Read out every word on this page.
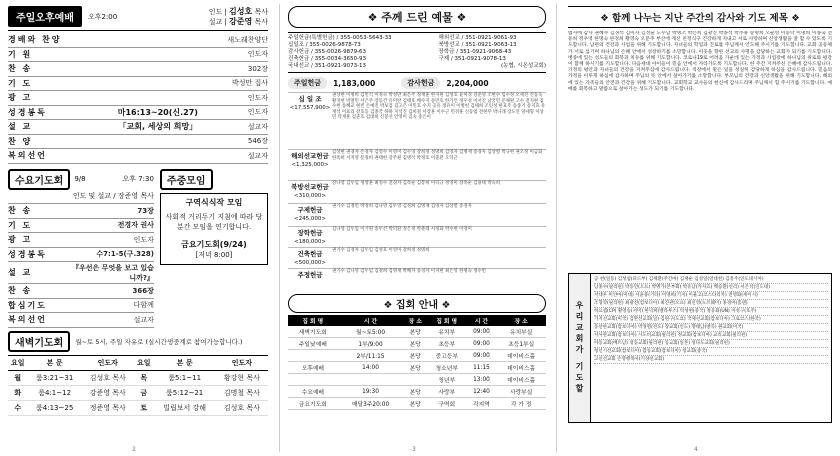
주일오후예배	오후2:00
인도 | 김성호 목사
설교 | 강준영 목사
경배와 찬양	새노래찬양단
기 원	인도자
찬 송	302장
기 도	박성만 집사
광 고	인도자
성경봉독	마16:13~20(신.27)	인도자
설 교	「교회, 세상의 희망」	설교자
찬 양	546장
복의선언	설교자
수요기도회	9/8	오후 7:30
인도 및 설교 / 장준영 목사
찬 송	73장
기 도	전경자 권사
광 고	인도자
성경봉독	수7:1-5(구.328)
설 교
『우선은 무엇을 보고 있습니까?』
찬 송	366장
합심기도	다함께
복의선언	설교자
주중모임
구역식식작 모임
사회적 거리두기 지침에 따라 당분간 모임을 연기합니다.
금요기도회(9/24)
[저녁 8:00]
새벽기도회	월~토 5시, 주일 자유로 (실시간생중계로 참여가능합니다.)
요일	본 문	인도자	요일	본 문	인도자
월	룸3:21~31	김성호 목사	목	룸5:1~11	황강현 목사
화	룸4:1~12	강준영 목사	금	룸5:12~21	김명철 목사
수	룸4:13~25	정준영 목사	토	빌립보서 강해	김성호 목사
2
❖ 주께 드린 예물 ❖
주일헌금(특별헌금) / 355-0053-5643-33
십일조 / 355-0026-9878-73
감사헌금 / 355-0026-9879-63
건축헌금 / 355-0034-3650-93
국내선교 / 351-0921-9073-13
해외선교 / 351-0921-9061-93
북방선교 / 351-0921-9063-13
장학금 / 351-0921-9068-43
구제 / 351-0921-9078-13
(농협, 시온성교회)
주일헌금	1,183,000	감사헌금	2,204,000
십 일 조
<17,557,900>
권상현 이명희 김민석 이정숙 박성만 최은주 정재훈 한지원 김성호 윤미경 강준영 조현수 임수정 오세진 신동욱 황지현 박철민 서은주 장동건 유미란 김태호 배수지 송민호 한가인 정우성 이서진 남궁민 문채원 고수 전지현 김수현 송혜교 현빈 손예진 박보검 김고은 이민호 수지 공유 정유미 이병헌 김태희 조인성 한효주 송중기 송지효 유재석 이효리 강호동 김종국 하하 지석진 김희철 서장훈 이수근 민경훈 신동엽 전현무 박나래 장도연 양세형 이상민 탁재훈 김준호 김대희 신봉선 안영미 김숙 송은이
해외선교헌금
<1,325,000>
김상현 권경자 손경자 김영수 이영미 김두영 강희정 정명희 김영자 김명재 송경자 김상렬 박규현 권오정 이금화 한옥희 서지영 문정희 권태헌 강주원 김명식 박정호 이준환 오덕근
북방선교헌금
<310,000>
강나영 김두임 정창훈 최성수 전경자 김폭순 김봉희 이덕규 정영미 장옥순 김용태 박숙희
구제헌금
<245,000>
권기수 김경민 박경희 김나영 김두영 김정희 김명재 김영자 김상렬 송경자
장학헌금
<180,000>
김나영 김두임 이기원 송두선 박덕환 정은정 박춘례 서정화 박수현 이영미
건축헌금
<500,000>
권기수 김경자 김두임 김성호 이영미 강희정 정명희
주정헌금	권기수 김나영 김두임 김정희 김명재 박혜자 송경자 이지현 최은영 한명숙 정수빈
❖ 집회 안내 ❖
집 회 명	시 간	장 소	집 회 명	시 간	장 소
새벽기도회	월~토5:00	본당	유치부	09:00	유치부실
주일낮예배	1부/9:00	본당	초등부	09:00	초등1부실
	2부/11:15	본당	중고등부	09:00	데이비스홀
오후예배	14:00	본당	청소년부	11:15	데이비스홀
			청년부	13:00	데이비스홀
수요예배	19:30	본당	사랑부	12:40	사랑부실
금요기도회	매달3주20:00	본당	구역회	각지역	각 가 정
3
❖ 함께 나누는 지난 주간의 감사와 기도 제목 ❖
범사에 감사 권혜주 김경석 김미자 김정술 도수남 박명조 박은희 김광진 박종석 박추용 송명희 오순영 이동탁 이명희 이종숙 전동희 정우영 한명숙 한경희 황영숙 오문주 부산에 계신 친정식구 건강하게 지내고 서로 사랑하며 신앙생활을 잘 할 수 있도록 기도합니다. 남편의 건강과 사업을 위해 기도합니다. 자녀들의 학업과 진로를 주님께서 인도해 주시기를 기도합니다. 교회 공동체가 서로 섬기며 하나님의 은혜 안에서 성장하기를 소망합니다. 이웃을 향한 선교의 사명을 감당하는 교회가 되기를 기도합니다. 병중에 있는 성도들의 회복과 치유를 위해 기도합니다. 코로나19로 어려움 가운데 있는 가정과 사업장에 하나님의 위로와 평강이 함께 하시기를 기도합니다. 다음세대 아이들이 믿음 안에서 자라가도록 기도합니다. 한 주간 지켜주신 은혜에 감사드립니다. 가정의 평안과 자녀들의 건강을 지켜주심에 감사드립니다. 직장에서 맡은 일을 성실히 감당하게 하심을 감사드립니다. 믿음의 가정을 이루게 하심에 감사하며 주님의 뜻 안에서 살아가기를 소망합니다. 부모님의 건강과 신앙생활을 위해 기도합니다. 해외에 있는 가족들의 안전과 건강을 위해 기도합니다. 교회학교 교사들의 헌신에 감사드리며 주님께서 힘 주시기를 기도합니다. 예배를 회복하고 말씀으로 살아가는 성도가 되기를 기도합니다.
우리교회가 기도할
공 천(일동) 김성섭(피드부) 김세환(주간마) 김재순 김성일(일대천) 김흥주(인도네시아)
남홍수(필리핀) 박동민(오프) 박명가(본부회) 박유남(카자흐) 백승환(선리) 서은석(인도네)
서대우 미얀마(미대) 서윤중(기타) 이영희(기지) 이율고(코스타리카) 전영화(세이시)
조형학(필리핀) 최광진(캄보디아) 최진관(오프) 최신영(노르웨이) 홍경미(홀덴)
허요셉(CP) 황영승(서미) 한덕희(벨라루스) 탁성현(중국) 정유화(UN) 이성구(호주)
가지선교회(미국) 김완선교회(일) 김원구(도쿄) 국제선교회(캄보디아) 그로코스(한국)
동선한교회(캄보디아) 박경렬(전도) 장교회(인도) 향태남(방콕) 원교회(미국)
서사관교회(캄보디아) 시도비교회(필리핀) 정교회(캄보디아) 교리교회(필리핀)
아동교회(베트남) 성동교회(필리핀) 동교회(일본) 성다도교회(필리핀)
청년시선교회(캄보디아) 합동교회(캄보디아) 청교회(중국)
고신선교회 손영행목사(기샹선교회)
4
